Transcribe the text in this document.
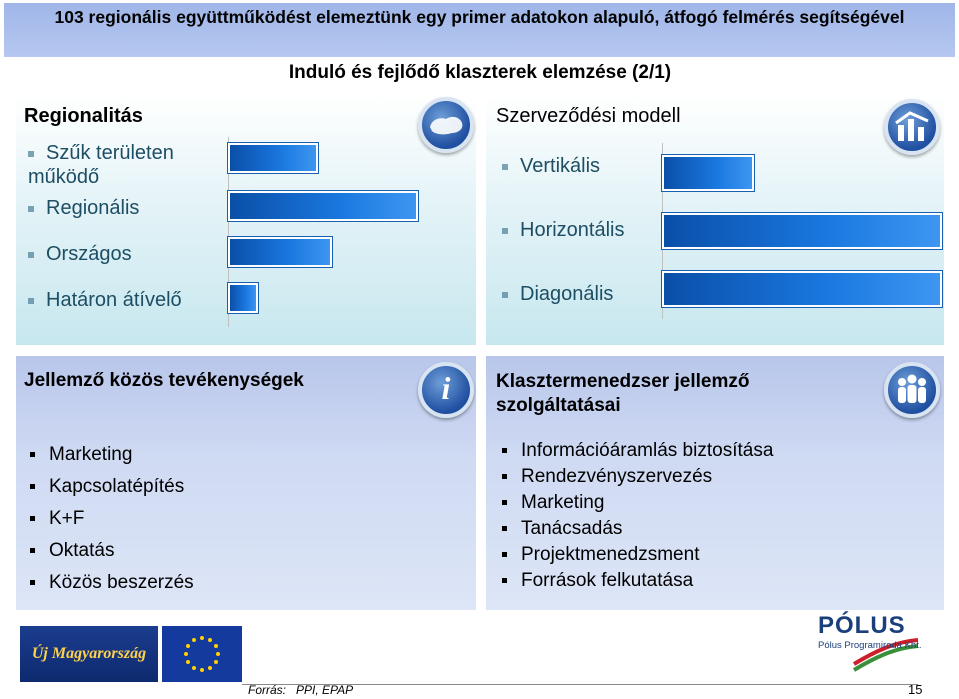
103 regionális együttműködést elemeztünk egy primer adatokon alapuló, átfogó felmérés segítségével
Induló és fejlődő klaszterek elemzése (2/1)
Regionalitás
Szűk területen működő
Regionális
Országos
Határon átívelő
Szerveződési modell
Vertikális
Horizontális
Diagonális
Jellemző közös tevékenységek	i
Marketing
Kapcsolatépítés
K+F
Oktatás
Közös beszerzés
Klasztermenedzser jellemző
szolgáltatásai
Információáramlás biztosítása
Rendezvényszervezés
Marketing
Tanácsadás
Projektmenedzsment
Források felkutatása
Új Magyarország
Forrás: PPI, EPAP
PÓLUS
Pólus Programiroda Kht.
15
